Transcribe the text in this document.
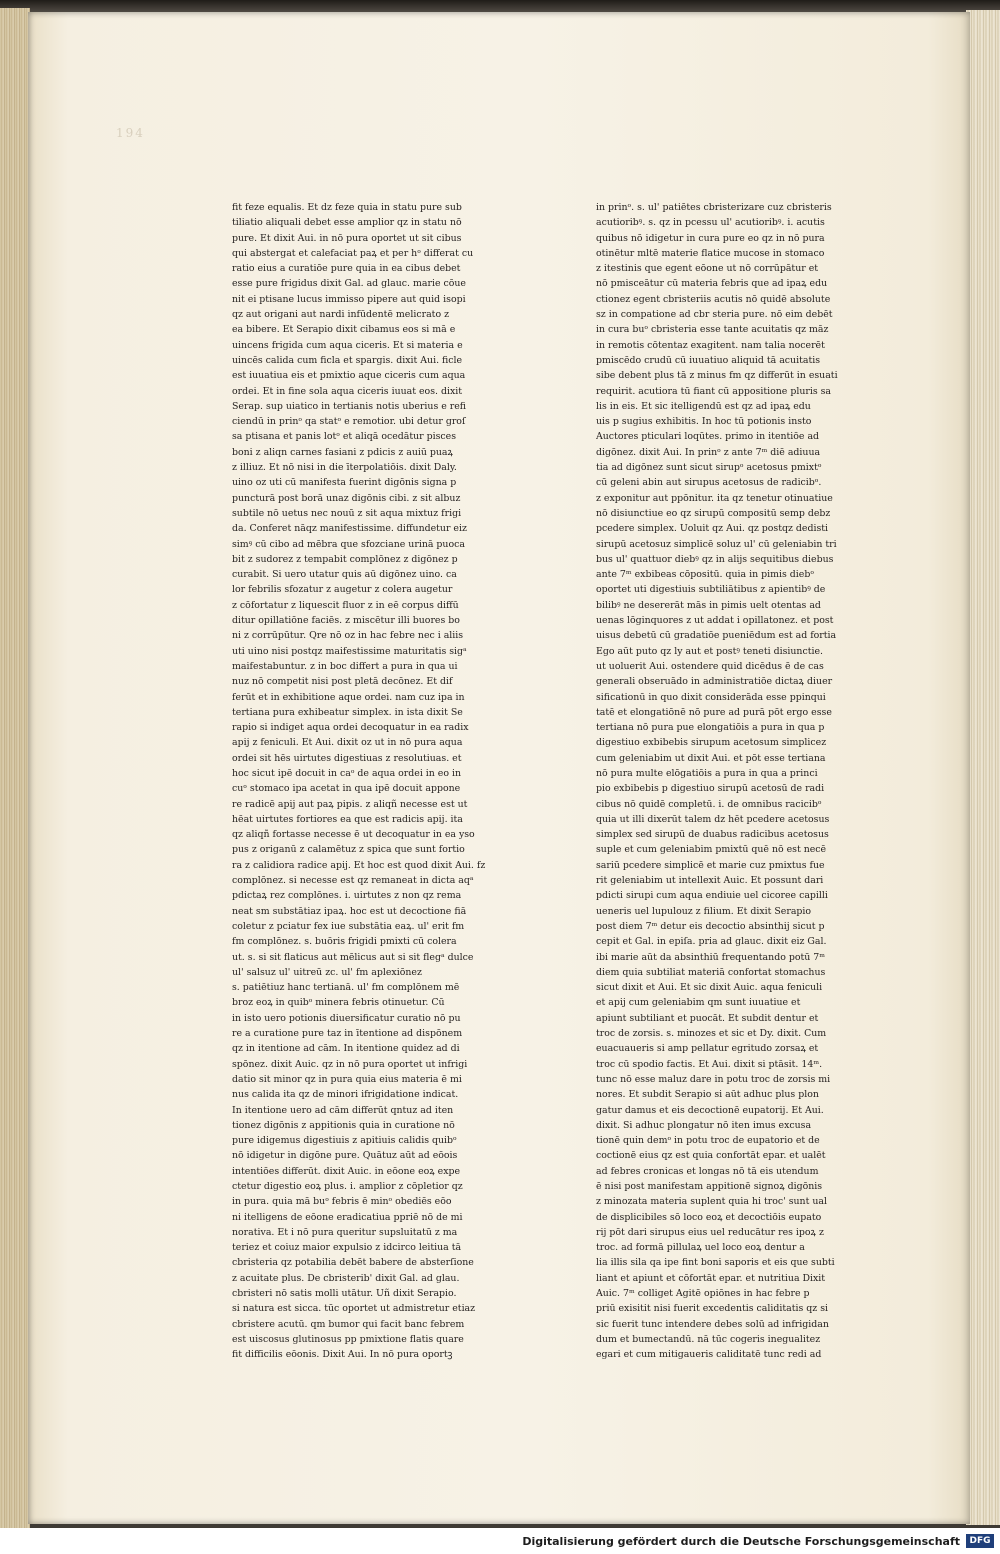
194
fit feze equalis. Et dz feze quia in statu pure sub
tiliatio aliquali debet esse amplior qz in statu nō
pure. Et dixit Aui. in nō pura oportet ut sit cibus
qui abstergat et calefaciat paꝝ et per hᵒ differat cu
ratio eius a curatiōe pure quia in ea cibus debet
esse pure frigidus dixit Gal. ad glauc. marie cōue
nit ei ptisane lucus immisso pipere aut quid isopi
qz aut origani aut nardi infūdentē melicrato z
ea bibere. Et Serapio dixit cibamus eos si mā e
uincens frigida cum aqua ciceris. Et si materia e
uincēs calida cum ficla et spargis. dixit Aui. ficle
est iuuatiua eis et pmixtio aque ciceris cum aqua
ordei. Et in fine sola aqua ciceris iuuat eos. dixit
Serap. sup uiatico in tertianis notis uberius e refi
ciendū in prinᵒ qa statᵒ e remotior. ubi detur groſ
sa ptisana et panis lotᵒ et aliqā ocedātur pisces
boni z aliqn carnes fasiani z pdicis z auiū puaꝝ
z illiuz. Et nō nisi in die īterpolatiōis. dixit Daly.
uino oz uti cū manifesta fuerint digōnis signa p
puncturā post borā unaz digōnis cibi. z sit albuz
subtile nō uetus nec nouū z sit aqua mixtuz frigi
da. Conferet nāqz manifestissime. diffundetur eiz
simꝰ cū cibo ad mēbra que sfozciane urinā puoca
bit z sudorez z tempabit complōnez z digōnez p
curabit. Si uero utatur quis aū digōnez uino. ca
lor febrilis sfozatur z augetur z colera augetur
z cōfortatur z liquescit fluor z in eē corpus diffū
ditur opillatiōne faciēs. z miscētur illi buores bo
ni z corrūpūtur. Qre nō oz in hac febre nec i aliis
uti uino nisi postqz maifestissime maturitatis sigᵃ
maifestabuntur. z in boc differt a pura in qua ui
nuz nō competit nisi post pletā decōnez. Et dif
ferūt et in exhibitione aque ordei. nam cuz ipa in
tertiana pura exhibeatur simplex. in ista dixit Se
rapio si indiget aqua ordei decoquatur in ea radix
apij z feniculi. Et Aui. dixit oz ut in nō pura aqua
ordei sit hēs uirtutes digestiuas z resolutiuas. et
hoc sicut ipē docuit in caᵒ de aqua ordei in eo in
cuᵒ stomaco ipa acetat in qua ipē docuit appone
re radicē apij aut paꝝ pipis. z aliqñ necesse est ut
hēat uirtutes fortiores ea que est radicis apij. ita
qz aliqñ fortasse necesse ē ut decoquatur in ea yso
pus z origanū z calamētuz z spica que sunt fortio
ra z calidiora radice apij. Et hoc est quod dixit Aui. fz
complōnez. si necesse est qz remaneat in dicta aqᵃ
pdictaꝝ rez complōnes. i. uirtutes z non qz rema
neat sm substātiaz ipaꝝ. hoc est ut decoctione fiā
coletur z pciatur fex iue substātia eaꝝ. ul' erit fm
fm complōnez. s. buōris frigidi pmixti cū colera
ut. s. si sit flaticus aut mēlicus aut si sit flegᵃ dulce
ul' salsuz ul' uitreū zc. ul' fm aplexiōnez
s. patiētiuz hanc tertianā. ul' fm complōnem mē
broz eoꝝ in quibᵒ minera febris otinuetur. Cū
in isto uero potionis diuersificatur curatio nō pu
re a curatione pure taz in ītentione ad dispōnem
qz in itentione ad cām. In itentione quidez ad di
spōnez. dixit Auic. qz in nō pura oportet ut infrigi
datio sit minor qz in pura quia eius materia ē mi
nus calida ita qz de minori ifrigidatione indicat.
In itentione uero ad cām differūt qntuz ad iten
tionez digōnis z appitionis quia in curatione nō
pure idigemus digestiuis z apitiuis calidis quibᵒ
nō idigetur in digōne pure. Quātuz aūt ad eōois
intentiōes differūt. dixit Auic. in eōone eoꝝ expe
ctetur digestio eoꝝ plus. i. amplior z cōpletior qz
in pura. quia mā buᵒ febris ē minᵒ obediēs eōo
ni itelligens de eōone eradicatiua ppriē nō de mi
norativa. Et i nō pura queritur supsluitatū z ma
teriez et coiuz maior expulsio z idcirco leitiua tā
cbristeria qz potabilia debēt babere de absterſione
z acuitate plus. De cbristerib' dixit Gal. ad glau.
cbristeri nō satis molli utātur. Uñ dixit Serapio.
si natura est sicca. tūc oportet ut admistretur etiaz
cbristere acutū. qm bumor qui facit banc febrem
est uiscosus glutinosus pp pmixtione flatis quare
fit difficilis eōonis. Dixit Aui. In nō pura oportꝫ
in prinᵒ. s. ul' patiētes cbristerizare cuz cbristeris
acutioribꝰ. s. qz in pcessu ul' acutioribꝰ. i. acutis
quibus nō idigetur in cura pure eo qz in nō pura
otinētur mltē materie flatice mucose in stomaco
z itestinis que egent eōone ut nō corrūpātur et
nō pmisceātur cū materia febris que ad ipaꝝ edu
ctionez egent cbristeriis acutis nō quidē absolute
sz in compatione ad cbr steria pure. nō eim debēt
in cura buᵒ cbristeria esse tante acuitatis qz māz
in remotis cōtentaz exagitent. nam talia nocerēt
pmiscēdo crudū cū iuuatiuo aliquid tā acuitatis
sibe debent plus tā z minus fm qz differūt in esuati
requirit. acutiora tū fiant cū appositione pluris sa
lis in eis. Et sic itelligendū est qz ad ipaꝝ edu
uis p sugius exhibitis. In hoc tū potionis insto
Auctores pticulari loqūtes. primo in itentiōe ad
digōnez. dixit Aui. In prinᵒ z ante 7ᵐ diē adiuua
tia ad digōnez sunt sicut sirupᵒ acetosus pmixtᵒ
cū geleni abin aut sirupus acetosus de radicibᵒ.
z exponitur aut ppōnitur. ita qz tenetur otinuatiue
nō disiunctiue eo qz sirupū compositū semp debz
pcedere simplex. Uoluit qz Aui. qz postqz dedisti
sirupū acetosuz simplicē soluz ul' cū geleniabin tri
bus ul' quattuor diebꝰ qz in alijs sequitibus diebus
ante 7ᵐ exbibeas cōpositū. quia in pimis diebᵒ
oportet uti digestiuis subtiliātibus z apientibꝰ de
bilibꝰ ne desererāt mās in pimis uelt otentas ad
uenas lōginquores z ut addat i opillatonez. et post
uisus debetū cū gradatiōe pueniēdum est ad fortia
Ego aūt puto qz ly aut et postꝰ teneti disiunctie.
ut uoluerit Aui. ostendere quid dicēdus ē de cas
generali obseruādo in administratiōe dictaꝝ diuer
sificationū in quo dixit considerāda esse ppinqui
tatē et elongatiōnē nō pure ad purā pōt ergo esse
tertiana nō pura pue elongatiōis a pura in qua p
digestiuo exbibebis sirupum acetosum simplicez
cum geleniabim ut dixit Aui. et pōt esse tertiana
nō pura multe elōgatiōis a pura in qua a princi
pio exbibebis p digestiuo sirupū acetosū de radi
cibus nō quidē completū. i. de omnibus racicibᵒ
quia ut illi dixerūt talem dz hēt pcedere acetosus
simplex sed sirupū de duabus radicibus acetosus
suple et cum geleniabim pmixtū quē nō est necē
sariū pcedere simplicē et marie cuz pmixtus fue
rit geleniabim ut intellexit Auic. Et possunt dari
pdicti sirupi cum aqua endiuie uel cicoree capilli
ueneris uel lupulouz z filium. Et dixit Serapio
post diem 7ᵐ detur eis decoctio absinthij sicut p
cepit et Gal. in epiſa. pria ad glauc. dixit eiz Gal.
ibi marie aūt da absinthiū frequentando potū 7ᵐ
diem quia subtiliat materiā confortat stomachus
sicut dixit et Aui. Et sic dixit Auic. aqua feniculi
et apij cum geleniabim qm sunt iuuatiue et
apiunt subtiliant et puocāt. Et subdit dentur et
troc de zorsis. s. minozes et sic et Dy. dixit. Cum
euacuaueris si amp pellatur egritudo zorsaꝝ et
troc cū spodio factis. Et Aui. dixit si ptāsit. 14ᵐ.
tunc nō esse maluz dare in potu troc de zorsis mi
nores. Et subdit Serapio si aūt adhuc plus plon
gatur damus et eis decoctionē eupatorij. Et Aui.
dixit. Si adhuc plongatur nō iten imus excusa
tionē quin demᵒ in potu troc de eupatorio et de
coctionē eius qz est quia confortāt epar. et ualēt
ad febres cronicas et longas nō tā eis utendum
ē nisi post manifestam appitionē signoꝝ digōnis
z minozata materia suplent quia hi troc' sunt ual
de displicibiles sō loco eoꝝ et decoctiōis eupato
rij pōt dari sirupus eius uel reducātur res ipoꝝ z
troc. ad formā pillulaꝝ uel loco eoꝝ dentur a
lia illis sila qa ipe fint boni saporis et eis que subti
liant et apiunt et cōfortāt epar. et nutritiua Dixit
Auic. 7ᵐ colliget Agitē opiōnes in hac febre p
priū exisitit nisi fuerit excedentis caliditatis qz si
sic fuerit tunc intendere debes solū ad infrigidan
dum et bumectandū. nā tūc cogeris inegualitez
egari et cum mitigaueris caliditatē tunc redi ad
Digitalisierung gefördert durch die Deutsche Forschungsgemeinschaft	DFG
